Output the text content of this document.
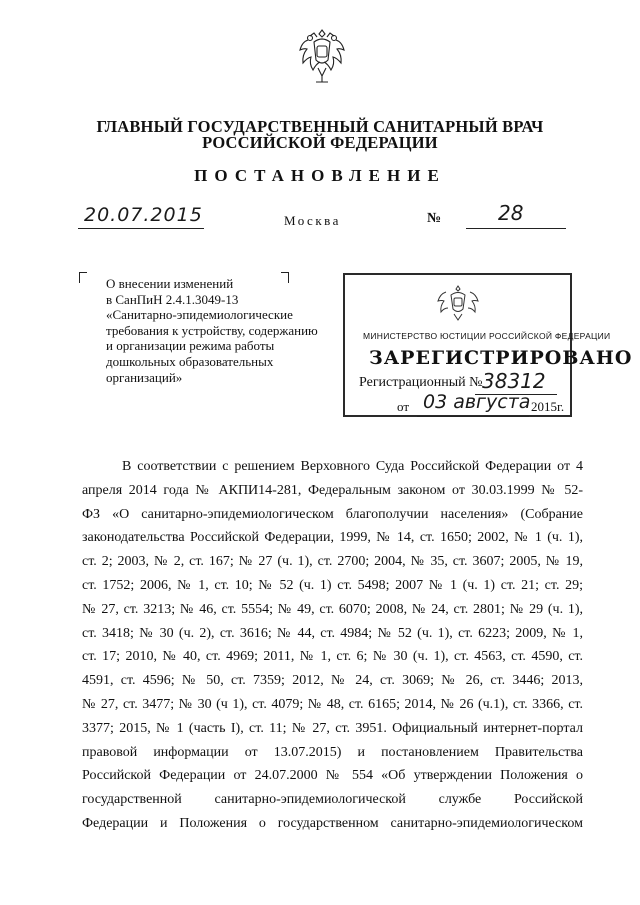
ГЛАВНЫЙ ГОСУДАРСТВЕННЫЙ САНИТАРНЫЙ ВРАЧ
РОССИЙСКОЙ ФЕДЕРАЦИИ
ПОСТАНОВЛЕНИЕ
20.07.2015	Москва	№	28
О внесении изменений
в СанПиН 2.4.1.3049-13
«Санитарно-эпидемиологические
требования к устройству, содержанию
и организации режима работы
дошкольных образовательных
организаций»
МИНИСТЕРСТВО ЮСТИЦИИ РОССИЙСКОЙ ФЕДЕРАЦИИ
ЗАРЕГИСТРИРОВАНО
Регистрационный № 38312
от 03 августа 2015г.
В соответствии с решением Верховного Суда Российской Федерации от 4
апреля 2014 года № АКПИ14-281, Федеральным законом от 30.03.1999 № 52-
ФЗ «О санитарно-эпидемиологическом благополучии населения» (Собрание
законодательства Российской Федерации, 1999, № 14, ст. 1650; 2002, № 1 (ч. 1),
ст. 2; 2003, № 2, ст. 167; № 27 (ч. 1), ст. 2700; 2004, № 35, ст. 3607; 2005, № 19,
ст. 1752; 2006, № 1, ст. 10; № 52 (ч. 1) ст. 5498; 2007 № 1 (ч. 1) ст. 21; ст. 29;
№ 27, ст. 3213; № 46, ст. 5554; № 49, ст. 6070; 2008, № 24, ст. 2801; № 29 (ч. 1),
ст. 3418; № 30 (ч. 2), ст. 3616; № 44, ст. 4984; № 52 (ч. 1), ст. 6223; 2009, № 1,
ст. 17; 2010, № 40, ст. 4969; 2011, № 1, ст. 6; № 30 (ч. 1), ст. 4563, ст. 4590, ст.
4591, ст. 4596; № 50, ст. 7359; 2012, № 24, ст. 3069; № 26, ст. 3446; 2013,
№ 27, ст. 3477; № 30 (ч 1), ст. 4079; № 48, ст. 6165; 2014, № 26 (ч.1), ст. 3366, ст.
3377; 2015, № 1 (часть I), ст. 11; № 27, ст. 3951. Официальный интернет-портал
правовой информации от 13.07.2015) и постановлением Правительства
Российской Федерации от 24.07.2000 № 554 «Об утверждении Положения о
государственной санитарно-эпидемиологической службе Российской
Федерации и Положения о государственном санитарно-эпидемиологическом
